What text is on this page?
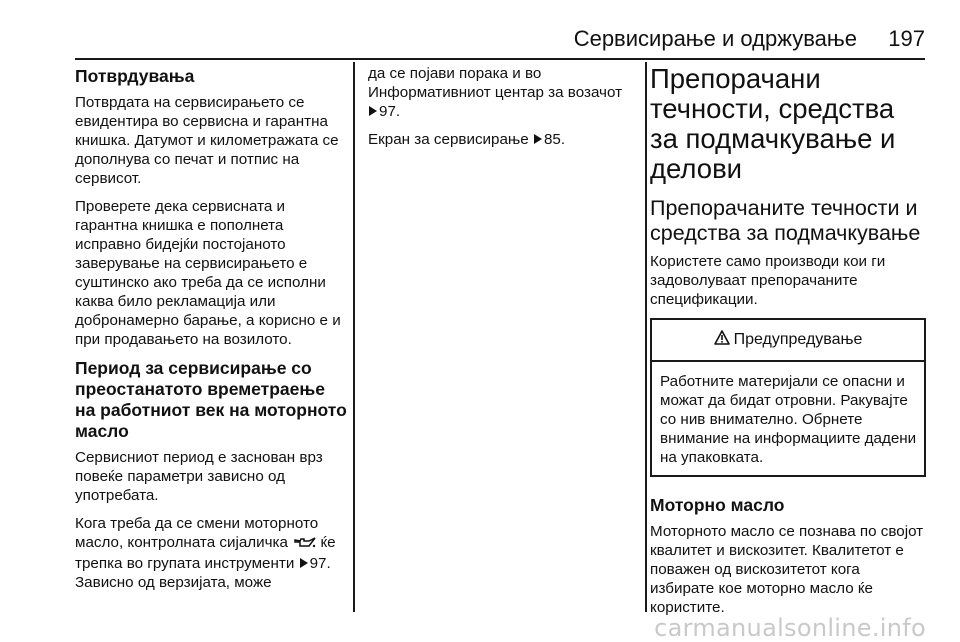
Сервисирање и одржување 197
Потврдувања

Потврдата на сервисирањето се евидентира во сервисна и гарантна книшка. Датумот и километражата се дополнува со печат и потпис на сервисот.

Проверете дека сервисната и гарантна книшка е пополнета исправно бидејќи постојаното заверување на сервисирањето е суштинско ако треба да се исполни каква било рекламација или добронамерно барање, а корисно е и при продавањето на возилото.

Период за сервисирање со преостанатото времетраење на работниот век на моторното масло

Сервисниот период е заснован врз повеќе параметри зависно од употребата.

Кога треба да се смени моторното масло, контролната сијаличка ќе трепка во групата инструменти 97. Зависно од верзијата, може

да се појави порака и во Информативниот центар за возачот 97.

Екран за сервисирање 85.

Препорачани течности, средства за подмачкување и делови
Препорачаните течности и средства за подмачкување

Користете само производи кои ги задоволуваат препорачаните спецификации.

Предупредување
Работните материјали се опасни и можат да бидат отровни. Ракувајте со нив внимателно. Обрнете внимание на информациите дадени на упаковката.
Моторно масло

Моторното масло се познава по својот квалитет и вискозитет. Квалитетот е поважен од вискозитетот кога избирате кое моторно масло ќе користите.

carmanualsonline.info
